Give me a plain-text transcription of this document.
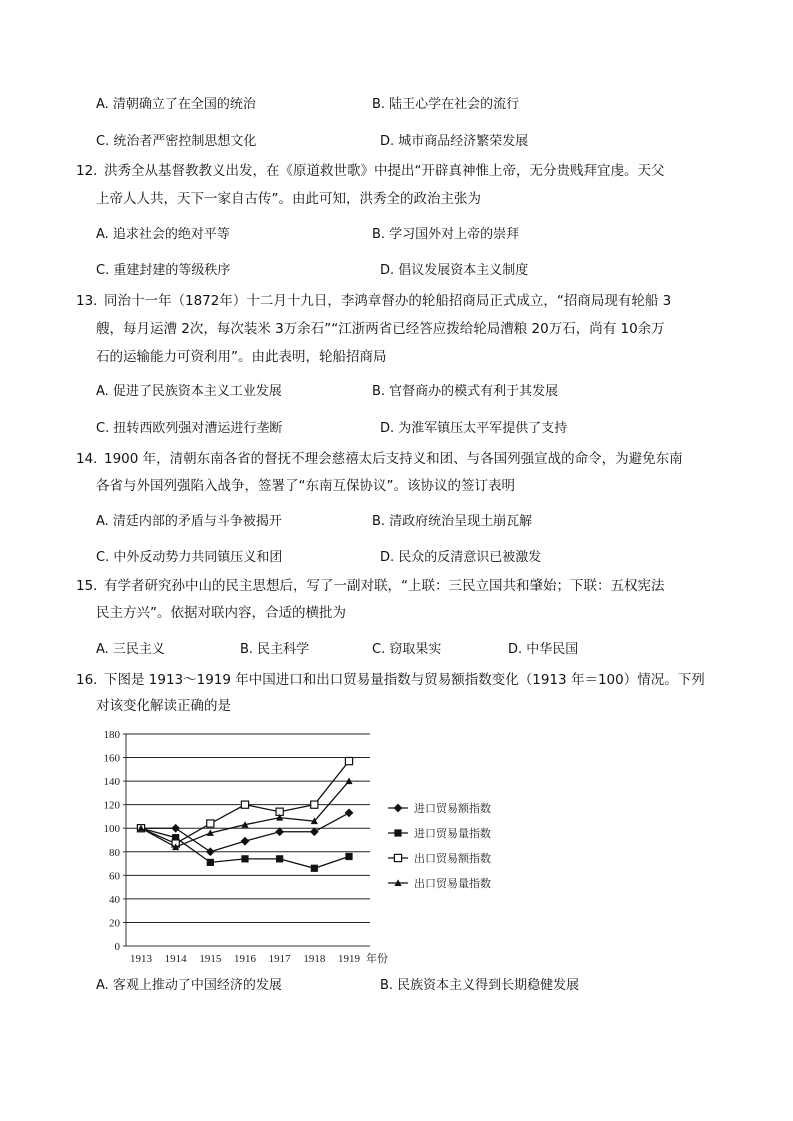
A. 清朝确立了在全国的统治	B. 陆王心学在社会的流行
C. 统治者严密控制思想文化	D. 城市商品经济繁荣发展
12．
洪秀全从基督教教义出发，在《原道救世歌》中提出“开辟真神惟上帝，无分贵贱拜宜虔。天父
上帝人人共，天下一家自古传”。由此可知，洪秀全的政治主张为
A. 追求社会的绝对平等	B. 学习国外对上帝的崇拜
C. 重建封建的等级秩序	D. 倡议发展资本主义制度
13．
同治十一年（1872年）十二月十九日，李鸿章督办的轮船招商局正式成立，“招商局现有轮船 3
艘，每月运漕 2次，每次装米 3万余石”“江浙两省已经答应拨给轮局漕粮 20万石，尚有 10余万
石的运输能力可资利用”。由此表明，轮船招商局
A. 促进了民族资本主义工业发展	B. 官督商办的模式有利于其发展
C. 扭转西欧列强对漕运进行垄断	D. 为淮军镇压太平军提供了支持
14．
1900 年，清朝东南各省的督抚不理会慈禧太后支持义和团、与各国列强宣战的命令，为避免东南
各省与外国列强陷入战争，签署了“东南互保协议”。该协议的签订表明
A. 清廷内部的矛盾与斗争被揭开	B. 清政府统治呈现土崩瓦解
C. 中外反动势力共同镇压义和团	D. 民众的反清意识已被激发
15．
有学者研究孙中山的民主思想后，写了一副对联，“上联：三民立国共和肇始；下联：五权宪法
民主方兴”。依据对联内容，合适的横批为
A. 三民主义	B. 民主科学	C. 窃取果实	D. 中华民国
16．
下图是 1913～1919 年中国进口和出口贸易量指数与贸易额指数变化（1913 年＝100）情况。下列
对该变化解读正确的是
0
20
40
60
80
100
120
140
160
180
1913 1914 1915 1916 1917 1918 1919 年份
进口贸易额指数
进口贸易量指数
出口贸易额指数
出口贸易量指数
A. 客观上推动了中国经济的发展	B. 民族资本主义得到长期稳健发展
